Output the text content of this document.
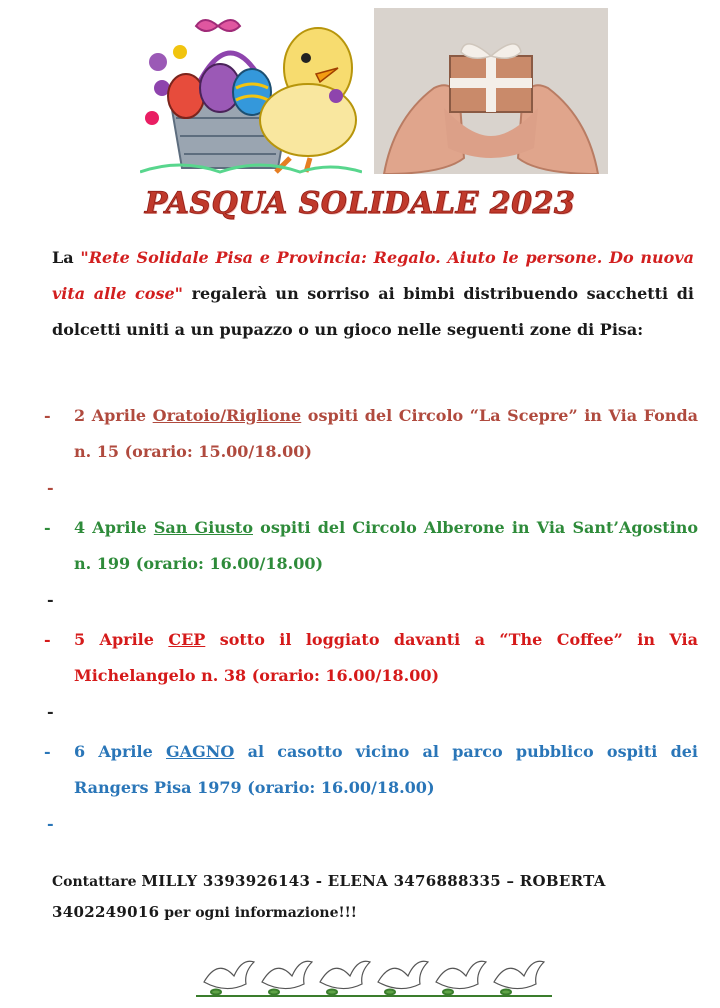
PASQUA SOLIDALE 2023
La "Rete Solidale Pisa e Provincia: Regalo. Aiuto le persone. Do nuova vita alle cose" regalerà un sorriso ai bimbi distribuendo sacchetti di dolcetti uniti a un pupazzo o un gioco nelle seguenti zone di Pisa:
- 2 Aprile Oratoio/Riglione ospiti del Circolo “La Scepre” in Via Fonda n. 15 (orario: 15.00/18.00)
-
- 4 Aprile San Giusto ospiti del Circolo Alberone in Via Sant’Agostino n. 199 (orario: 16.00/18.00)
-
- 5 Aprile CEP sotto il loggiato davanti a “The Coffee” in Via Michelangelo n. 38 (orario: 16.00/18.00)
-
- 6 Aprile GAGNO al casotto vicino al parco pubblico ospiti dei Rangers Pisa 1979 (orario: 16.00/18.00)
-
Contattare MILLY 3393926143 - ELENA 3476888335 – ROBERTA
3402249016 per ogni informazione!!!
